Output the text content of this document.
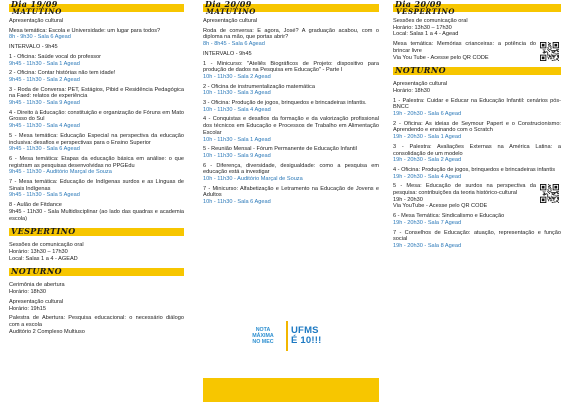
Dia 19/09
MATUTINO
Apresentação cultural
Mesa temática: Escola e Universidade: um lugar para todos?
8h - 9h30 - Sala 6 Agead
INTERVALO - 9h45
1 - Oficina: Saúde vocal do professor
9h45 - 11h30 - Sala 1 Agead
2 - Oficina: Contar histórias não tem idade!
9h45 - 11h30 - Sala 2 Agead
3 - Roda de Conversa: PET, Estágios, Pibid e Residência Pedagógica na Faed: relatos de experiência
9h45 - 11h30 - Sala 9 Agead
4 - Direito à Educação: constituição e organização de Fóruns em Mato Grosso do Sul
9h45 - 11h30 - Sala 4 Agead
5 - Mesa temática: Educação Especial na perspectiva da educação inclusiva: desafios e perspectivas para o Ensino Superior
9h45 - 11h30 - Sala 6 Agead
6 - Mesa temática: Etapas da educação básica em análise: o que registram as pesquisas desenvolvidas no PPGEdu
9h45 - 11h30 - Auditório Marçal de Souza
7 - Mesa temática: Educação de Indígenas surdos e as Línguas de Sinais Indígenas
9h45 - 11h30 - Sala 5 Agead
8 - Aulão de Fitdance
9h45 - 11h30 - Sala Multidisciplinar (ao lado das quadras e academia escola)
VESPERTINO
Sessões de comunicação oral
Horário: 13h30 – 17h30
Local: Salas 1 a 4 - AGEAD
NOTURNO
Cerimônia de abertura
Horário: 18h30
Apresentação cultural
Horário: 19h15
Palestra de Abertura: Pesquisa educacional: o necessário diálogo com a escola
Auditório 2 Complexo Multiuso
Dia 20/09
MATUTINO
Apresentação cultural
Roda de conversa: E agora, José? A graduação acabou, com o diploma na mão, que portas abrir?
8h - 8h45 - Sala 6 Agead
INTERVALO - 9h45
1 - Minicurso: "Ateliês Biográficos de Projeto: dispositivo para produção de dados na Pesquisa em Educação" - Parte I
10h - 11h30 - Sala 2 Agead
2 - Oficina de instrumentalização matemática
10h - 11h30 - Sala 3 Agead
3 - Oficina: Produção de jogos, brinquedos e brincadeiras infantis.
10h - 11h30 - Sala 4 Agead
4 - Conquistas e desafios da formação e da valorização profissional dos técnicos em Educação e Processos de Trabalho em Alimentação Escolar
10h - 11h30 - Sala 1 Agead
5 - Reunião Mensal - Fórum Permanente de Educação Infantil
10h - 11h30 - Sala 9 Agead
6 - Diferença, diversidade, desigualdade: como a pesquisa em educação está a investigar
10h - 11h30 - Auditório Marçal de Souza
7 - Minicurso: Alfabetização e Letramento na Educação de Jovens e Adultos
10h - 11h30 - Sala 6 Agead
NOTA
MÁXIMA
NO MEC
UFMS
É 10!!!
Dia 20/09
VESPERTINO
Sessões de comunicação oral
Horário: 13h30 – 17h30
Local: Salas 1 a 4 - Agead
Mesa temática: Memórias crianceiras: a potência do brincar livre
Via You Tube - Acesse pelo QR CODE
NOTURNO
Apresentação cultural
Horário: 18h30
1 - Palestra: Cuidar e Educar na Educação Infantil: cenários pós-BNCC
19h - 20h30 - Sala 6 Agead
2 - Oficina: As ideias de Seymour Papert e o Construcionismo: Aprendendo e ensinando com o Scratch
19h - 20h30 - Sala 1 Agead
3 - Palestra: Avaliações Externas na América Latina: a consolidação de um modelo
19h - 20h30 - Sala 2 Agead
4 - Oficina: Produção de jogos, brinquedos e brincadeiras infantis
19h - 20h30 - Sala 4 Agead
5 - Mesa: Educação de surdos na perspectiva da pesquisa: contribuições da teoria histórico-cultural
19h - 20h30
Via YouTube - Acesse pelo QR CODE
6 - Mesa Temática: Sindicalismo e Educação
19h - 20h30 - Sala 7 Agead
7 - Conselhos de Educação: atuação, representação e função social
19h - 20h30 - Sala 8 Agead
